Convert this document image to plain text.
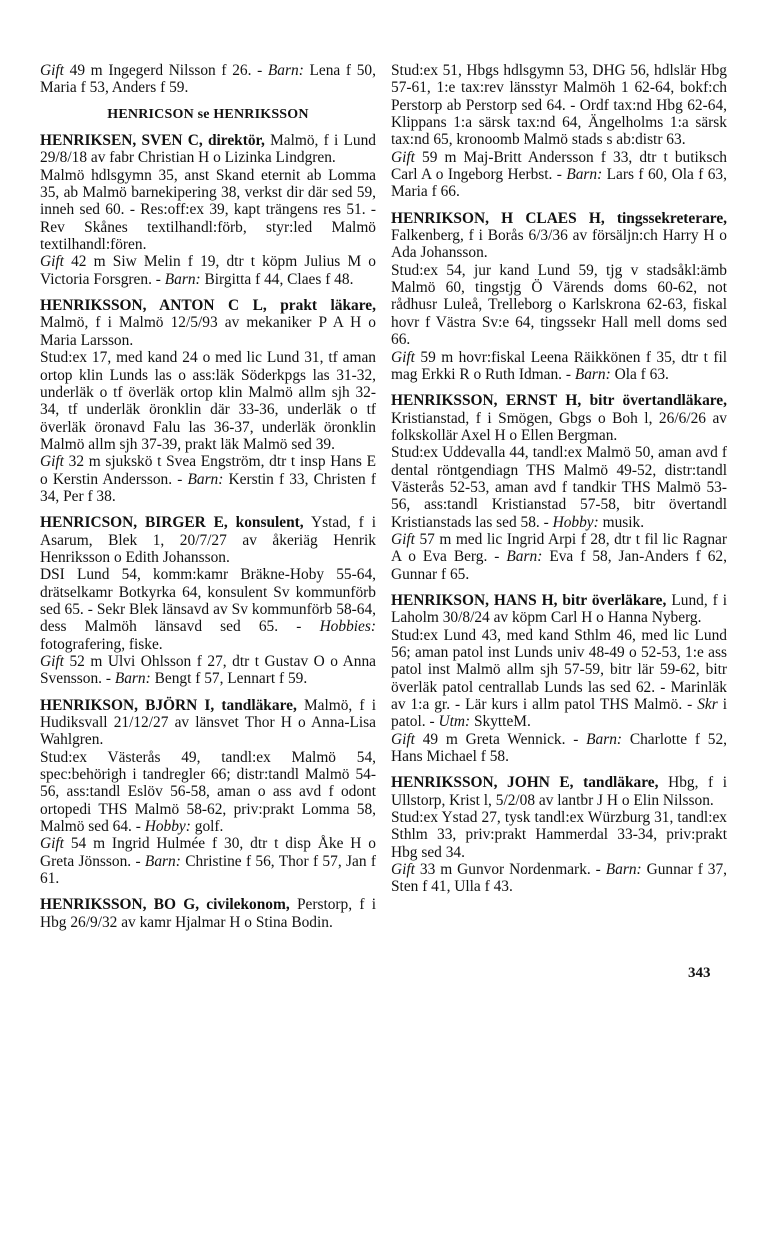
Gift 49 m Ingegerd Nilsson f 26. - Barn: Lena f 50, Maria f 53, Anders f 59.
HENRICSON se HENRIKSSON
HENRIKSEN, SVEN C, direktör, Malmö, f i Lund 29/8/18 av fabr Christian H o Lizinka Lindgren.
Malmö hdlsgymn 35, anst Skand eternit ab Lomma 35, ab Malmö barnekipering 38, verkst dir där sed 59, inneh sed 60. - Res:off:ex 39, kapt trängens res 51. - Rev Skånes textilhandl:förb, styr:led Malmö textilhandl:fören.
Gift 42 m Siw Melin f 19, dtr t köpm Julius M o Victoria Forsgren. - Barn: Birgitta f 44, Claes f 48.
HENRIKSSON, ANTON C L, prakt läkare, Malmö, f i Malmö 12/5/93 av mekaniker P A H o Maria Larsson.
Stud:ex 17, med kand 24 o med lic Lund 31, tf aman ortop klin Lunds las o ass:läk Söderkpgs las 31-32, underläk o tf överläk ortop klin Malmö allm sjh 32-34, tf underläk öronklin där 33-36, underläk o tf överläk öronavd Falu las 36-37, underläk öronklin Malmö allm sjh 37-39, prakt läk Malmö sed 39.
Gift 32 m sjukskö t Svea Engström, dtr t insp Hans E o Kerstin Andersson. - Barn: Kerstin f 33, Christen f 34, Per f 38.
HENRICSON, BIRGER E, konsulent, Ystad, f i Asarum, Blek 1, 20/7/27 av åkeriäg Henrik Henriksson o Edith Johansson.
DSI Lund 54, komm:kamr Bräkne-Hoby 55-64, drätselkamr Botkyrka 64, konsulent Sv kommunförb sed 65. - Sekr Blek länsavd av Sv kommunförb 58-64, dess Malmöh länsavd sed 65. - Hobbies: fotografering, fiske.
Gift 52 m Ulvi Ohlsson f 27, dtr t Gustav O o Anna Svensson. - Barn: Bengt f 57, Lennart f 59.
HENRIKSON, BJÖRN I, tandläkare, Malmö, f i Hudiksvall 21/12/27 av länsvet Thor H o Anna-Lisa Wahlgren.
Stud:ex Västerås 49, tandl:ex Malmö 54, spec:behörigh i tandregler 66; distr:tandl Malmö 54-56, ass:tandl Eslöv 56-58, aman o ass avd f odont ortopedi THS Malmö 58-62, priv:prakt Lomma 58, Malmö sed 64. - Hobby: golf.
Gift 54 m Ingrid Hulmée f 30, dtr t disp Åke H o Greta Jönsson. - Barn: Christine f 56, Thor f 57, Jan f 61.
HENRIKSSON, BO G, civilekonom, Perstorp, f i Hbg 26/9/32 av kamr Hjalmar H o Stina Bodin.
Stud:ex 51, Hbgs hdlsgymn 53, DHG 56, hdlslär Hbg 57-61, 1:e tax:rev länsstyr Malmöh 1 62-64, bokf:ch Perstorp ab Perstorp sed 64. - Ordf tax:nd Hbg 62-64, Klippans 1:a särsk tax:nd 64, Ängelholms 1:a särsk tax:nd 65, kronoomb Malmö stads s ab:distr 63.
Gift 59 m Maj-Britt Andersson f 33, dtr t butiksch Carl A o Ingeborg Herbst. - Barn: Lars f 60, Ola f 63, Maria f 66.
HENRIKSON, H CLAES H, tingssekreterare, Falkenberg, f i Borås 6/3/36 av försäljn:ch Harry H o Ada Johansson.
Stud:ex 54, jur kand Lund 59, tjg v stadsåkl:ämb Malmö 60, tingstjg Ö Värends doms 60-62, not rådhusr Luleå, Trelleborg o Karlskrona 62-63, fiskal hovr f Västra Sv:e 64, tingssekr Hall mell doms sed 66.
Gift 59 m hovr:fiskal Leena Räikkönen f 35, dtr t fil mag Erkki R o Ruth Idman. - Barn: Ola f 63.
HENRIKSSON, ERNST H, bitr övertandläkare, Kristianstad, f i Smögen, Gbgs o Boh l, 26/6/26 av folkskollär Axel H o Ellen Bergman.
Stud:ex Uddevalla 44, tandl:ex Malmö 50, aman avd f dental röntgendiagn THS Malmö 49-52, distr:tandl Västerås 52-53, aman avd f tandkir THS Malmö 53-56, ass:tandl Kristianstad 57-58, bitr övertandl Kristianstads las sed 58. - Hobby: musik.
Gift 57 m med lic Ingrid Arpi f 28, dtr t fil lic Ragnar A o Eva Berg. - Barn: Eva f 58, Jan-Anders f 62, Gunnar f 65.
HENRIKSON, HANS H, bitr överläkare, Lund, f i Laholm 30/8/24 av köpm Carl H o Hanna Nyberg.
Stud:ex Lund 43, med kand Sthlm 46, med lic Lund 56; aman patol inst Lunds univ 48-49 o 52-53, 1:e ass patol inst Malmö allm sjh 57-59, bitr lär 59-62, bitr överläk patol centrallab Lunds las sed 62. - Marinläk av 1:a gr. - Lär kurs i allm patol THS Malmö. - Skr i patol. - Utm: SkytteM.
Gift 49 m Greta Wennick. - Barn: Charlotte f 52, Hans Michael f 58.
HENRIKSSON, JOHN E, tandläkare, Hbg, f i Ullstorp, Krist l, 5/2/08 av lantbr J H o Elin Nilsson.
Stud:ex Ystad 27, tysk tandl:ex Würzburg 31, tandl:ex Sthlm 33, priv:prakt Hammerdal 33-34, priv:prakt Hbg sed 34.
Gift 33 m Gunvor Nordenmark. - Barn: Gunnar f 37, Sten f 41, Ulla f 43.
343
